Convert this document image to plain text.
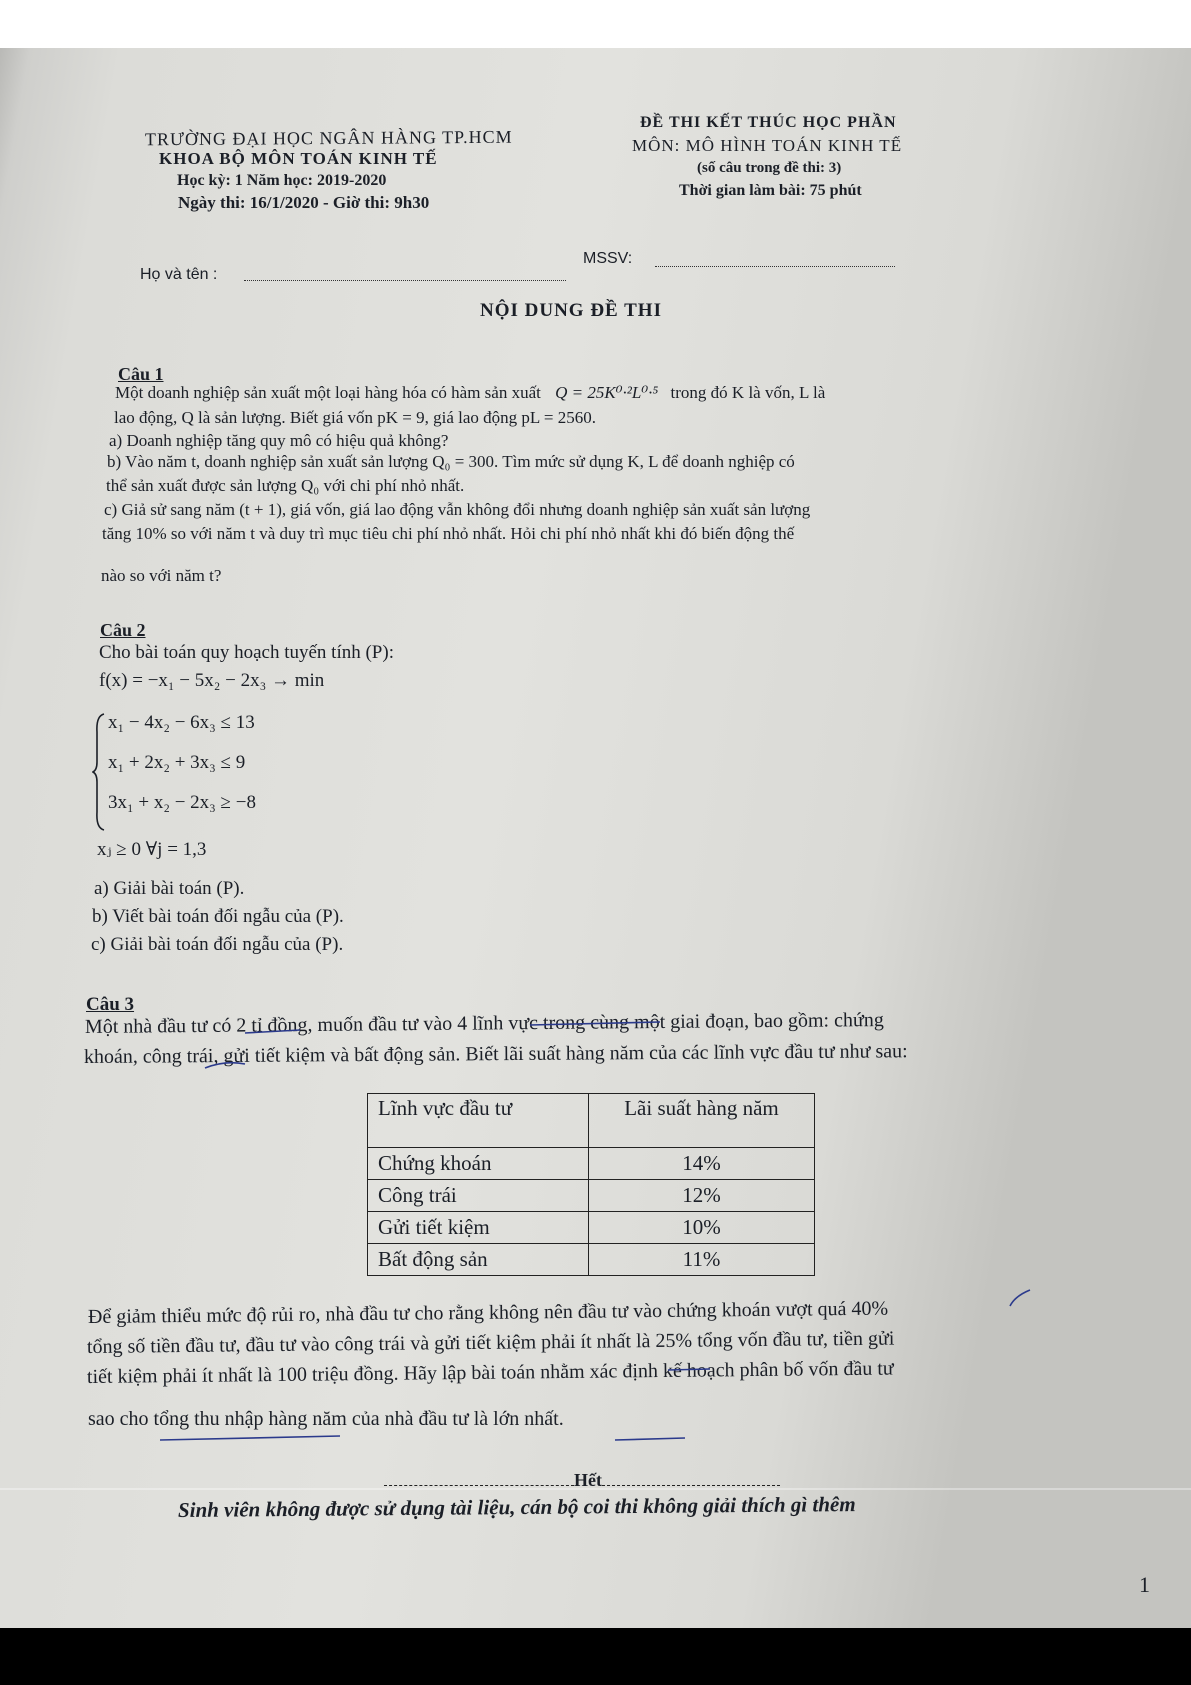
TRƯỜNG ĐẠI HỌC NGÂN HÀNG TP.HCM
KHOA BỘ MÔN TOÁN KINH TẾ
Học kỳ: 1 Năm học: 2019-2020
Ngày thi: 16/1/2020 - Giờ thi: 9h30
ĐỀ THI KẾT THÚC HỌC PHẦN
MÔN: MÔ HÌNH TOÁN KINH TẾ
(số câu trong đề thi: 3)
Thời gian làm bài: 75 phút
Họ và tên :
MSSV:
NỘI DUNG ĐỀ THI
Câu 1
Một doanh nghiệp sản xuất một loại hàng hóa có hàm sản xuất Q = 25K⁰·²L⁰·⁵ trong đó K là vốn, L là
lao động, Q là sản lượng. Biết giá vốn pK = 9, giá lao động pL = 2560.
a) Doanh nghiệp tăng quy mô có hiệu quả không?
b) Vào năm t, doanh nghiệp sản xuất sản lượng Q₀ = 300. Tìm mức sử dụng K, L để doanh nghiệp có
thể sản xuất được sản lượng Q₀ với chi phí nhỏ nhất.
c) Giả sử sang năm (t + 1), giá vốn, giá lao động vẫn không đổi nhưng doanh nghiệp sản xuất sản lượng
tăng 10% so với năm t và duy trì mục tiêu chi phí nhỏ nhất. Hỏi chi phí nhỏ nhất khi đó biến động thế
nào so với năm t?
Câu 2
Cho bài toán quy hoạch tuyến tính (P):
f(x) = −x₁ − 5x₂ − 2x₃ → min
x₁ − 4x₂ − 6x₃ ≤ 13
x₁ + 2x₂ + 3x₃ ≤ 9
3x₁ + x₂ − 2x₃ ≥ −8
xⱼ ≥ 0 ∀j = 1,3
a) Giải bài toán (P).
b) Viết bài toán đối ngẫu của (P).
c) Giải bài toán đối ngẫu của (P).
Câu 3
Một nhà đầu tư có 2 tỉ đồng, muốn đầu tư vào 4 lĩnh vực trong cùng một giai đoạn, bao gồm: chứng
khoán, công trái, gửi tiết kiệm và bất động sản. Biết lãi suất hàng năm của các lĩnh vực đầu tư như sau:
Lĩnh vực đầu tư	Lãi suất hàng năm
Chứng khoán	14%
Công trái	12%
Gửi tiết kiệm	10%
Bất động sản	11%
Để giảm thiểu mức độ rủi ro, nhà đầu tư cho rằng không nên đầu tư vào chứng khoán vượt quá 40%
tổng số tiền đầu tư, đầu tư vào công trái và gửi tiết kiệm phải ít nhất là 25% tổng vốn đầu tư, tiền gửi
tiết kiệm phải ít nhất là 100 triệu đồng. Hãy lập bài toán nhằm xác định kế hoạch phân bố vốn đầu tư
sao cho tổng thu nhập hàng năm của nhà đầu tư là lớn nhất.
Hết
Sinh viên không được sử dụng tài liệu, cán bộ coi thi không giải thích gì thêm
1
